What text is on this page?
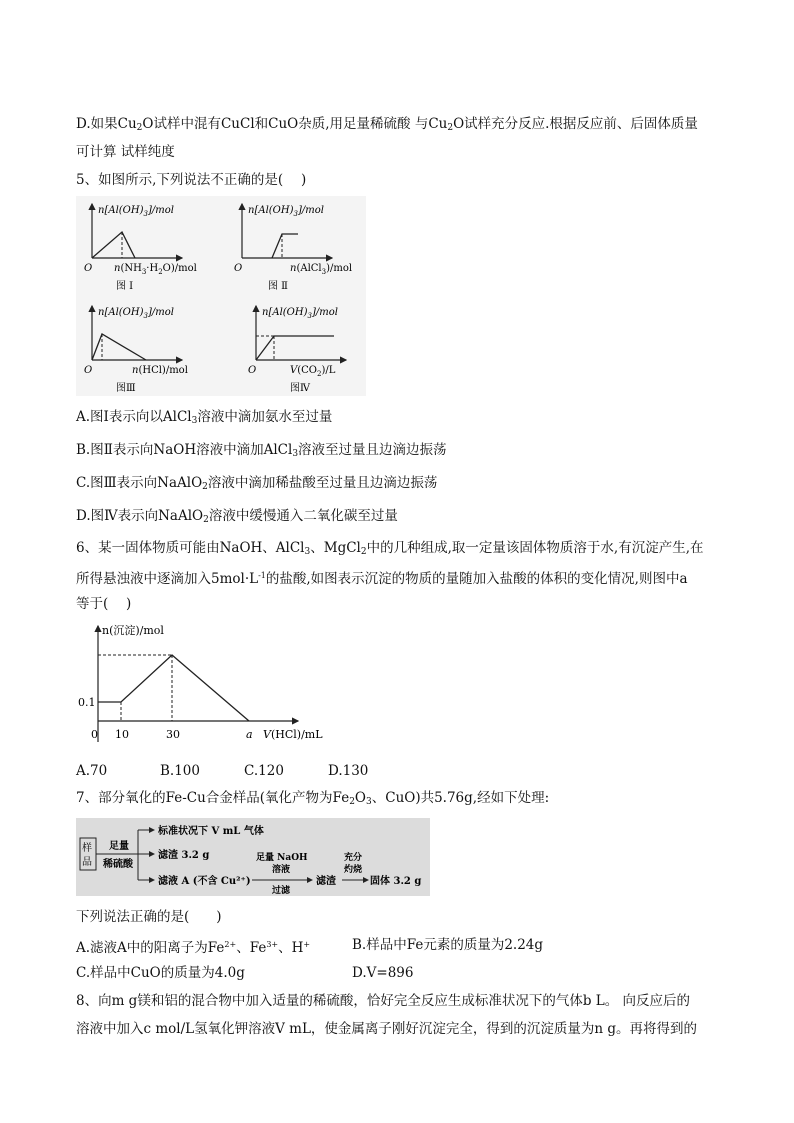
D.如果$Cu_2O$试样中混有CuCl和CuO杂质,用足量稀硫酸 与$Cu_2O$试样充分反应.根据反应前、后固体质量
可计算 试样纯度
5、如图所示,下列说法不正确的是(　 )
$n[Al(OH)_3]$/mol
O $n(NH_3\cdot H_2O)$/mol
图 Ⅰ
$n[Al(OH)_3]$/mol
O	n(AlCl$_3$)/mol
图 Ⅱ
$n[Al(OH)_3]$/mol
O	n(HCl)/mol
图Ⅲ
$n[Al(OH)_3]$/mol
O	$V(CO_2)/L$
图Ⅳ
A.图Ⅰ表示向以AlCl$_3$溶液中滴加氨水至过量
B.图Ⅱ表示向NaOH溶液中滴加AlCl$_3$溶液至过量且边滴边振荡
C.图Ⅲ表示向NaAlO$_2$溶液中滴加稀盐酸至过量且边滴边振荡
D.图Ⅳ表示向NaAlO$_2$溶液中缓慢通入二氧化碳至过量
6、某一固体物质可能由NaOH、AlCl$_3$、MgCl$_2$中的几种组成,取一定量该固体物质溶于水,有沉淀产生,在
所得悬浊液中逐滴加入$5mol\cdot L^{-1}$的盐酸,如图表示沉淀的物质的量随加入盐酸的体积的变化情况,则图中a
等于(　 )
n(沉淀)/mol
0.1
0 10	30	a V(HCl)/mL
A.70	B.100	C.120	D.130
7、部分氧化的Fe-Cu合金样品(氧化产物为$Fe_2O_3$、CuO)共5.76g,经如下处理:
样
品
足量
稀硫酸
标准状况下 V mL 气体
滤渣 3.2 g
滤液 A (不含 Cu²⁺)
足量 NaOH
溶液
过滤
滤渣
充分
灼烧
固体 3.2 g
下列说法正确的是(　　)
A.滤液A中的阳离子为$Fe^{2+}$、$Fe^{3+}$、H+	B.样品中Fe元素的质量为2.24g
C.样品中CuO的质量为4.0g	D.V=896
8、向m g镁和铝的混合物中加入适量的稀硫酸，恰好完全反应生成标准状况下的气体b L。 向反应后的
溶液中加入c mol/L氢氧化钾溶液V mL，使金属离子刚好沉淀完全，得到的沉淀质量为n g。再将得到的
